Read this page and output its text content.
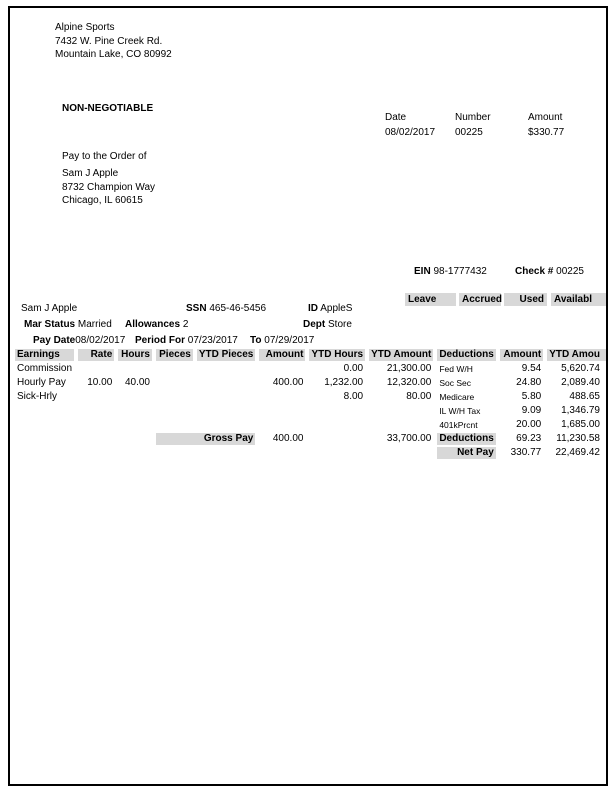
Alpine Sports
7432 W. Pine Creek Rd.
Mountain Lake, CO 80992
NON-NEGOTIABLE
Date	Number	Amount
08/02/2017 00225	$330.77
Pay to the Order of
Sam J Apple
8732 Champion Way
Chicago, IL 60615
EIN 98-1777432	Check # 00225
Leave	Accrued	Used	Availabl
Sam J Apple	SSN 465-46-5456	ID AppleS
Mar Status Married Allowances 2	Dept Store
Pay Date08/02/2017 Period For 07/23/2017 To 07/29/2017
Earnings	Rate	Hours	Pieces	YTD Pieces	Amount	YTD Hours	YTD Amount	Deductions	Amount	YTD Amou
Commission						0.00	21,300.00	Fed W/H	9.54	5,620.74
Hourly Pay	10.00	40.00			400.00	1,232.00	12,320.00	Soc Sec	24.80	2,089.40
Sick-Hrly						8.00	80.00	Medicare	5.80	488.65
								IL W/H Tax	9.09	1,346.79
								401kPrcnt	20.00	1,685.00
			Gross Pay		400.00		33,700.00	Deductions	69.23	11,230.58
								Net Pay	330.77	22,469.42
